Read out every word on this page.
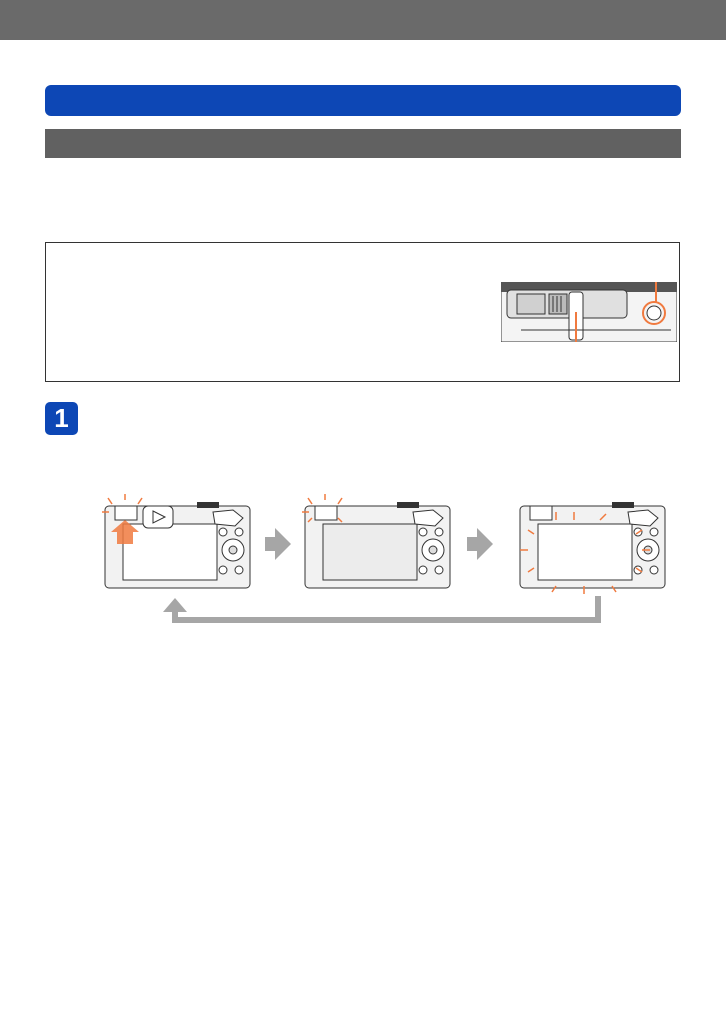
1
